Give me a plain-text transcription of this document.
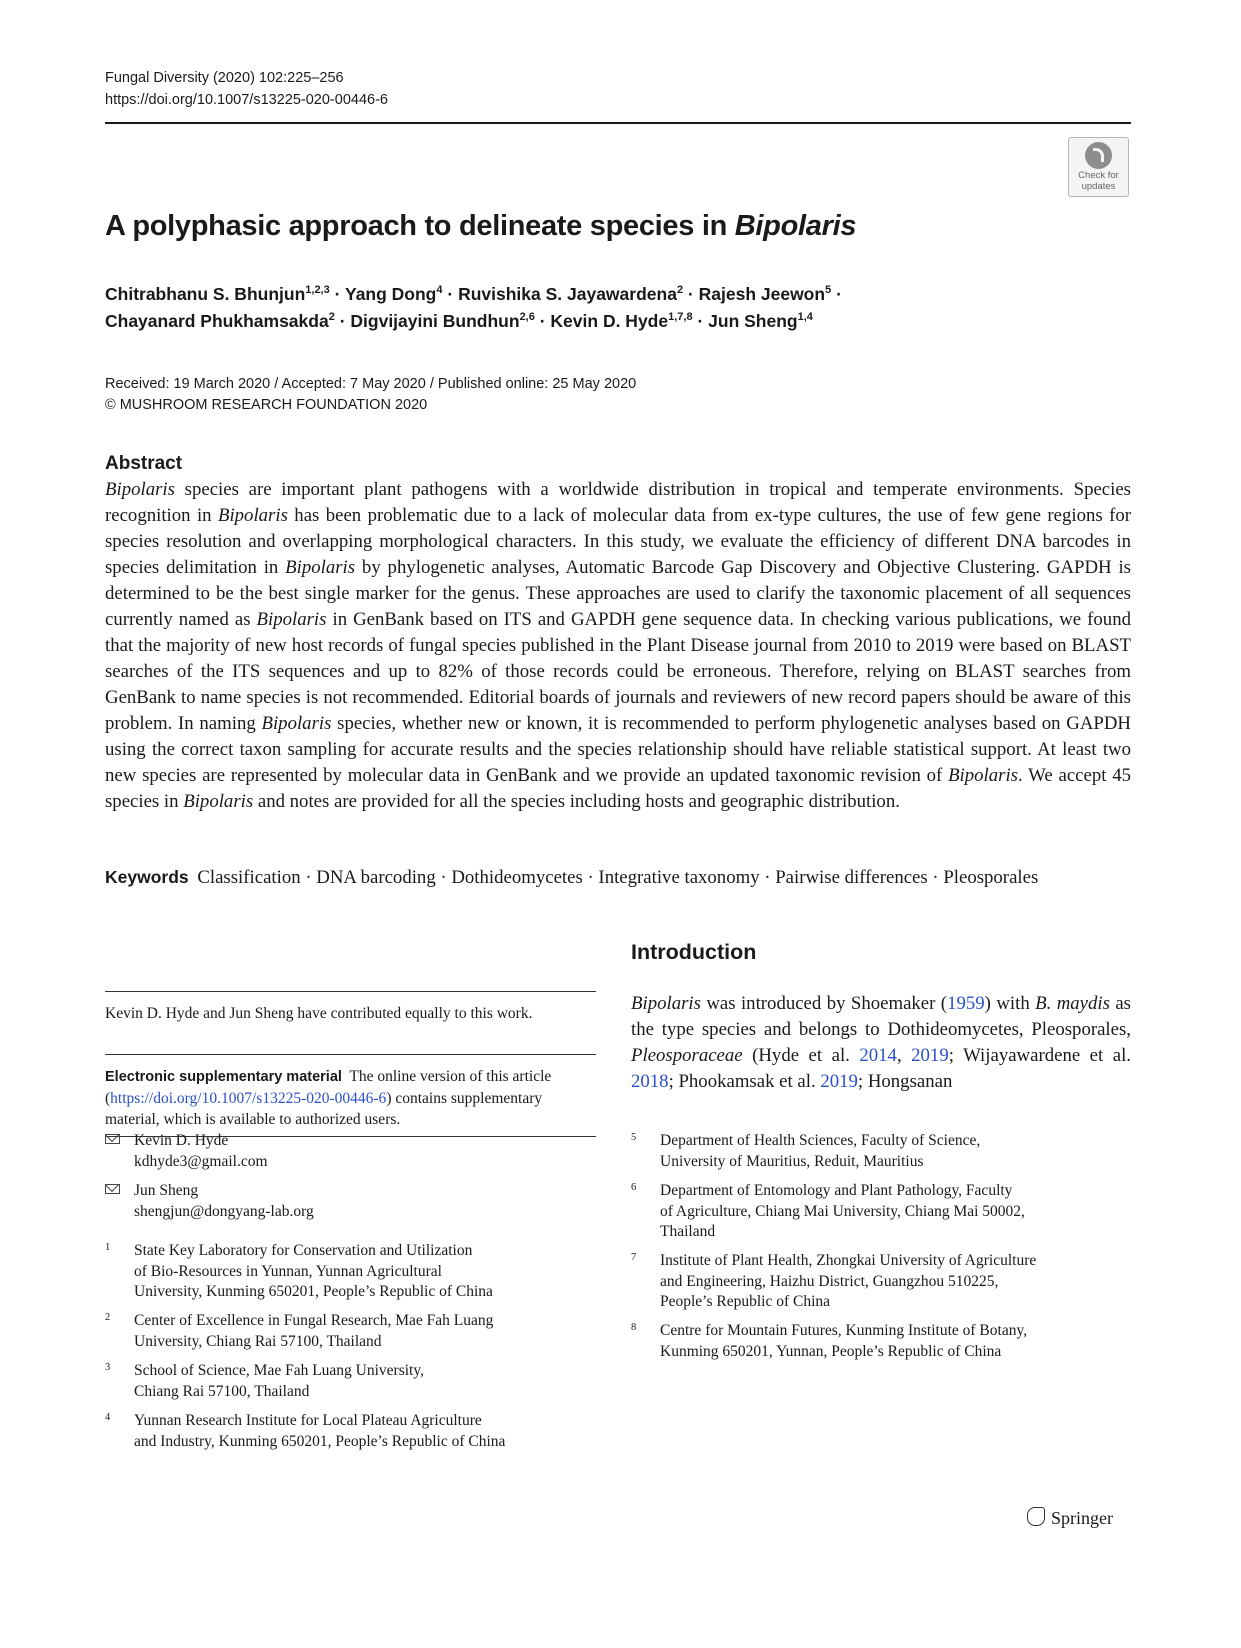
Fungal Diversity (2020) 102:225–256
https://doi.org/10.1007/s13225-020-00446-6
Check for
updates
A polyphasic approach to delineate species in Bipolaris
Chitrabhanu S. Bhunjun$^{1,2,3}$ · Yang Dong$^4$ · Ruvishika S. Jayawardena$^2$ · Rajesh Jeewon$^5$ ·
Chayanard Phukhamsakda$^2$ · Digvijayini Bundhun$^{2,6}$ · Kevin D. Hyde$^{1,7,8}$ · Jun Sheng$^{1,4}$
Received: 19 March 2020 / Accepted: 7 May 2020 / Published online: 25 May 2020
© MUSHROOM RESEARCH FOUNDATION 2020
Abstract

Bipolaris species are important plant pathogens with a worldwide distribution in tropical and temperate environments. Species recognition in Bipolaris has been problematic due to a lack of molecular data from ex-type cultures, the use of few gene regions for species resolution and overlapping morphological characters. In this study, we evaluate the efficiency of different DNA barcodes in species delimitation in Bipolaris by phylogenetic analyses, Automatic Barcode Gap Discovery and Objective Clustering. GAPDH is determined to be the best single marker for the genus. These approaches are used to clarify the taxonomic placement of all sequences currently named as Bipolaris in GenBank based on ITS and GAPDH gene sequence data. In checking various publications, we found that the majority of new host records of fungal species published in the Plant Disease journal from 2010 to 2019 were based on BLAST searches of the ITS sequences and up to 82% of those records could be erroneous. Therefore, relying on BLAST searches from GenBank to name species is not recommended. Editorial boards of journals and reviewers of new record papers should be aware of this problem. In naming Bipolaris species, whether new or known, it is recommended to perform phylogenetic analyses based on GAPDH using the correct taxon sampling for accurate results and the species relationship should have reliable statistical support. At least two new species are represented by molecular data in GenBank and we provide an updated taxonomic revision of Bipolaris. We accept 45 species in Bipolaris and notes are provided for all the species including hosts and geographic distribution.

Keywords Classification · DNA barcoding · Dothideomycetes · Integrative taxonomy · Pairwise differences · Pleosporales
Introduction

Bipolaris was introduced by Shoemaker (1959) with B. maydis as the type species and belongs to Dothideomycetes, Pleosporales, Pleosporaceae (Hyde et al. 2014, 2019; Wijayawardene et al. 2018; Phookamsak et al. 2019; Hongsanan

Kevin D. Hyde and Jun Sheng have contributed equally to this work.
Electronic supplementary material The online version of this article (https://doi.org/10.1007/s13225-020-00446-6) contains supplementary material, which is available to authorized users.
Kevin D. Hyde
kdhyde3@gmail.com
Jun Sheng
shengjun@dongyang-lab.org
1 State Key Laboratory for Conservation and Utilization
of Bio-Resources in Yunnan, Yunnan Agricultural
University, Kunming 650201, People’s Republic of China
2 Center of Excellence in Fungal Research, Mae Fah Luang
University, Chiang Rai 57100, Thailand
3 School of Science, Mae Fah Luang University,
Chiang Rai 57100, Thailand
4 Yunnan Research Institute for Local Plateau Agriculture
and Industry, Kunming 650201, People’s Republic of China
5 Department of Health Sciences, Faculty of Science,
University of Mauritius, Reduit, Mauritius
6 Department of Entomology and Plant Pathology, Faculty
of Agriculture, Chiang Mai University, Chiang Mai 50002,
Thailand
7 Institute of Plant Health, Zhongkai University of Agriculture
and Engineering, Haizhu District, Guangzhou 510225,
People’s Republic of China
8 Centre for Mountain Futures, Kunming Institute of Botany,
Kunming 650201, Yunnan, People’s Republic of China
Springer
